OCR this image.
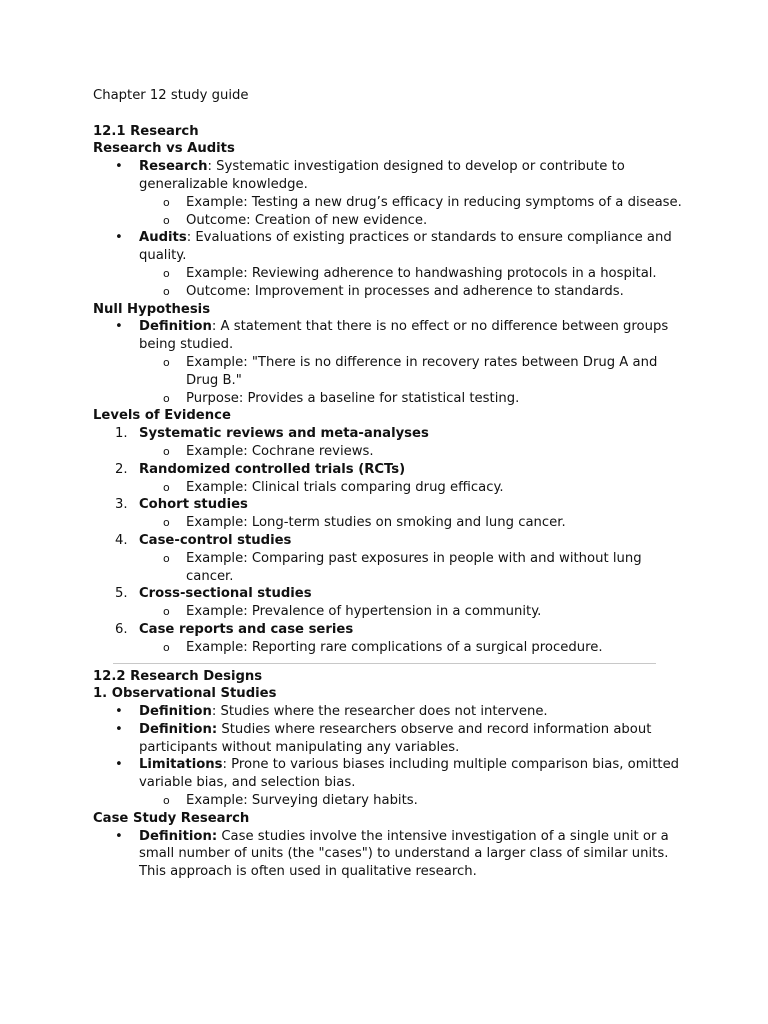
Chapter 12 study guide
12.1 Research
Research vs Audits
• Research: Systematic investigation designed to develop or contribute to generalizable knowledge.
o Example: Testing a new drug’s efficacy in reducing symptoms of a disease.
o Outcome: Creation of new evidence.
• Audits: Evaluations of existing practices or standards to ensure compliance and quality.
o Example: Reviewing adherence to handwashing protocols in a hospital.
o Outcome: Improvement in processes and adherence to standards.
Null Hypothesis
• Definition: A statement that there is no effect or no difference between groups being studied.
o Example: "There is no difference in recovery rates between Drug A and Drug B."
o Purpose: Provides a baseline for statistical testing.
Levels of Evidence
1. Systematic reviews and meta-analyses
o Example: Cochrane reviews.
2. Randomized controlled trials (RCTs)
o Example: Clinical trials comparing drug efficacy.
3. Cohort studies
o Example: Long-term studies on smoking and lung cancer.
4. Case-control studies
o Example: Comparing past exposures in people with and without lung cancer.
5. Cross-sectional studies
o Example: Prevalence of hypertension in a community.
6. Case reports and case series
o Example: Reporting rare complications of a surgical procedure.
12.2 Research Designs
1. Observational Studies
• Definition: Studies where the researcher does not intervene.
• Definition: Studies where researchers observe and record information about participants without manipulating any variables.
• Limitations: Prone to various biases including multiple comparison bias, omitted variable bias, and selection bias.
o Example: Surveying dietary habits.
Case Study Research
• Definition: Case studies involve the intensive investigation of a single unit or a small number of units (the "cases") to understand a larger class of similar units. This approach is often used in qualitative research.
